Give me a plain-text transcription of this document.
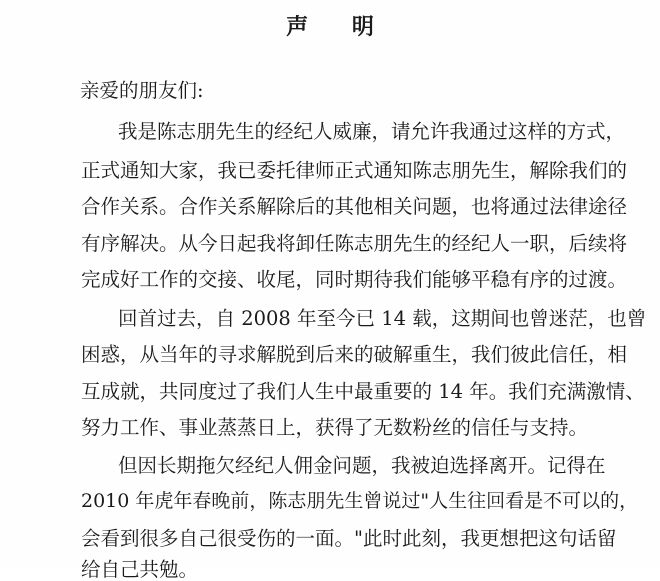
声 明
亲爱的朋友们:
我是陈志朋先生的经纪人威廉，请允许我通过这样的方式，
正式通知大家，我已委托律师正式通知陈志朋先生，解除我们的
合作关系。合作关系解除后的其他相关问题，也将通过法律途径
有序解决。从今日起我将卸任陈志朋先生的经纪人一职，后续将
完成好工作的交接、收尾，同时期待我们能够平稳有序的过渡。
回首过去，自 2008 年至今已 14 载，这期间也曾迷茫，也曾
困惑，从当年的寻求解脱到后来的破解重生，我们彼此信任，相
互成就，共同度过了我们人生中最重要的 14 年。我们充满激情、
努力工作、事业蒸蒸日上，获得了无数粉丝的信任与支持。
但因长期拖欠经纪人佣金问题，我被迫选择离开。记得在
2010 年虎年春晚前，陈志朋先生曾说过"人生往回看是不可以的，
会看到很多自己很受伤的一面。"此时此刻，我更想把这句话留
给自己共勉。
